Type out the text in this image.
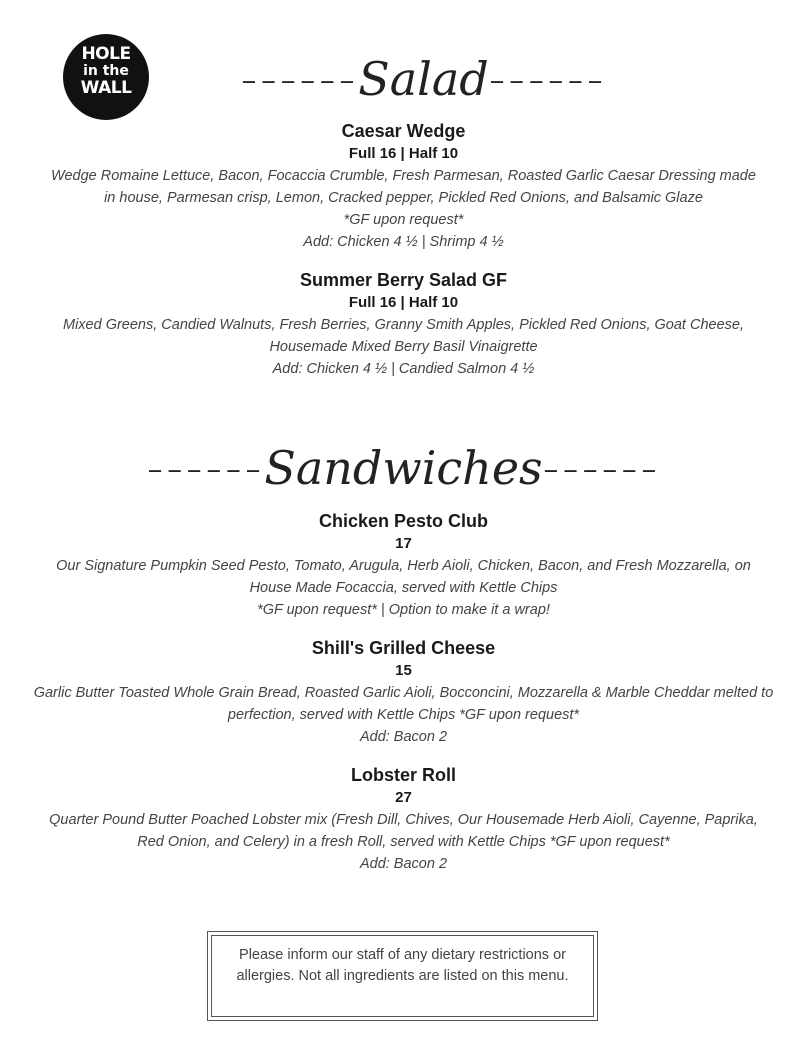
HOLE
in the
WALL	------Salad------
Caesar Wedge
Full 16 | Half 10
Wedge Romaine Lettuce, Bacon, Focaccia Crumble, Fresh Parmesan, Roasted Garlic Caesar Dressing made in house, Parmesan crisp, Lemon, Cracked pepper, Pickled Red Onions, and Balsamic Glaze
*GF upon request*
Add: Chicken 4 ½ | Shrimp 4 ½
Summer Berry Salad GF
Full 16 | Half 10
Mixed Greens, Candied Walnuts, Fresh Berries, Granny Smith Apples, Pickled Red Onions, Goat Cheese, Housemade Mixed Berry Basil Vinaigrette
Add: Chicken 4 ½ | Candied Salmon 4 ½
------Sandwiches------
Chicken Pesto Club
17
Our Signature Pumpkin Seed Pesto, Tomato, Arugula, Herb Aioli, Chicken, Bacon, and Fresh Mozzarella, on House Made Focaccia, served with Kettle Chips
*GF upon request* | Option to make it a wrap!
Shill's Grilled Cheese
15
Garlic Butter Toasted Whole Grain Bread, Roasted Garlic Aioli, Bocconcini, Mozzarella & Marble Cheddar melted to perfection, served with Kettle Chips *GF upon request*
Add: Bacon 2
Lobster Roll
27
Quarter Pound Butter Poached Lobster mix (Fresh Dill, Chives, Our Housemade Herb Aioli, Cayenne, Paprika, Red Onion, and Celery) in a fresh Roll, served with Kettle Chips *GF upon request*
Add: Bacon 2
Please inform our staff of any dietary restrictions or allergies. Not all ingredients are listed on this menu.
